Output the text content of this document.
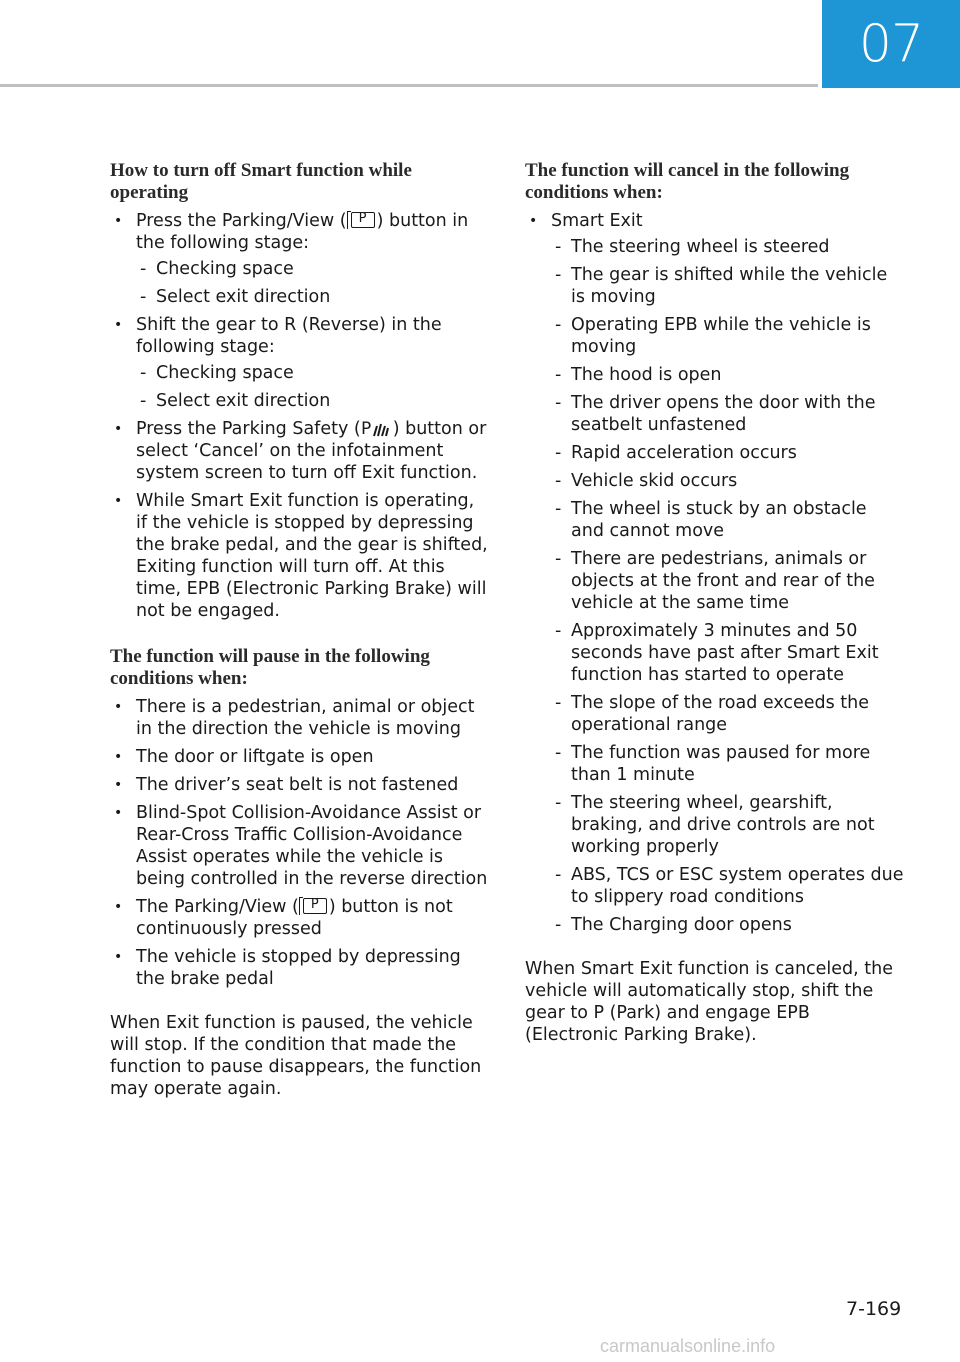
07
How to turn off Smart function while operating
• Press the Parking/View ( P ) button in the following stage:
- Checking space
- Select exit direction
• Shift the gear to R (Reverse) in the following stage:
- Checking space
- Select exit direction
• Press the Parking Safety ( P ) button or select ‘Cancel’ on the infotainment system screen to turn off Exit function.
• While Smart Exit function is operating, if the vehicle is stopped by depressing the brake pedal, and the gear is shifted, Exiting function will turn off. At this time, EPB (Electronic Parking Brake) will not be engaged.
The function will pause in the following conditions when:
• There is a pedestrian, animal or object in the direction the vehicle is moving
• The door or liftgate is open
• The driver’s seat belt is not fastened
• Blind-Spot Collision-Avoidance Assist or Rear-Cross Traffic Collision-Avoidance Assist operates while the vehicle is being controlled in the reverse direction
• The Parking/View ( P ) button is not continuously pressed
• The vehicle is stopped by depressing the brake pedal

When Exit function is paused, the vehicle will stop. If the condition that made the function to pause disappears, the function may operate again.

The function will cancel in the following conditions when:
• Smart Exit
- The steering wheel is steered
- The gear is shifted while the vehicle is moving
- Operating EPB while the vehicle is moving
- The hood is open
- The driver opens the door with the seatbelt unfastened
- Rapid acceleration occurs
- Vehicle skid occurs
- The wheel is stuck by an obstacle and cannot move
- There are pedestrians, animals or objects at the front and rear of the vehicle at the same time
- Approximately 3 minutes and 50 seconds have past after Smart Exit function has started to operate
- The slope of the road exceeds the operational range
- The function was paused for more than 1 minute
- The steering wheel, gearshift, braking, and drive controls are not working properly
- ABS, TCS or ESC system operates due to slippery road conditions
- The Charging door opens

When Smart Exit function is canceled, the vehicle will automatically stop, shift the gear to P (Park) and engage EPB (Electronic Parking Brake).

7-169
carmanualsonline.info
